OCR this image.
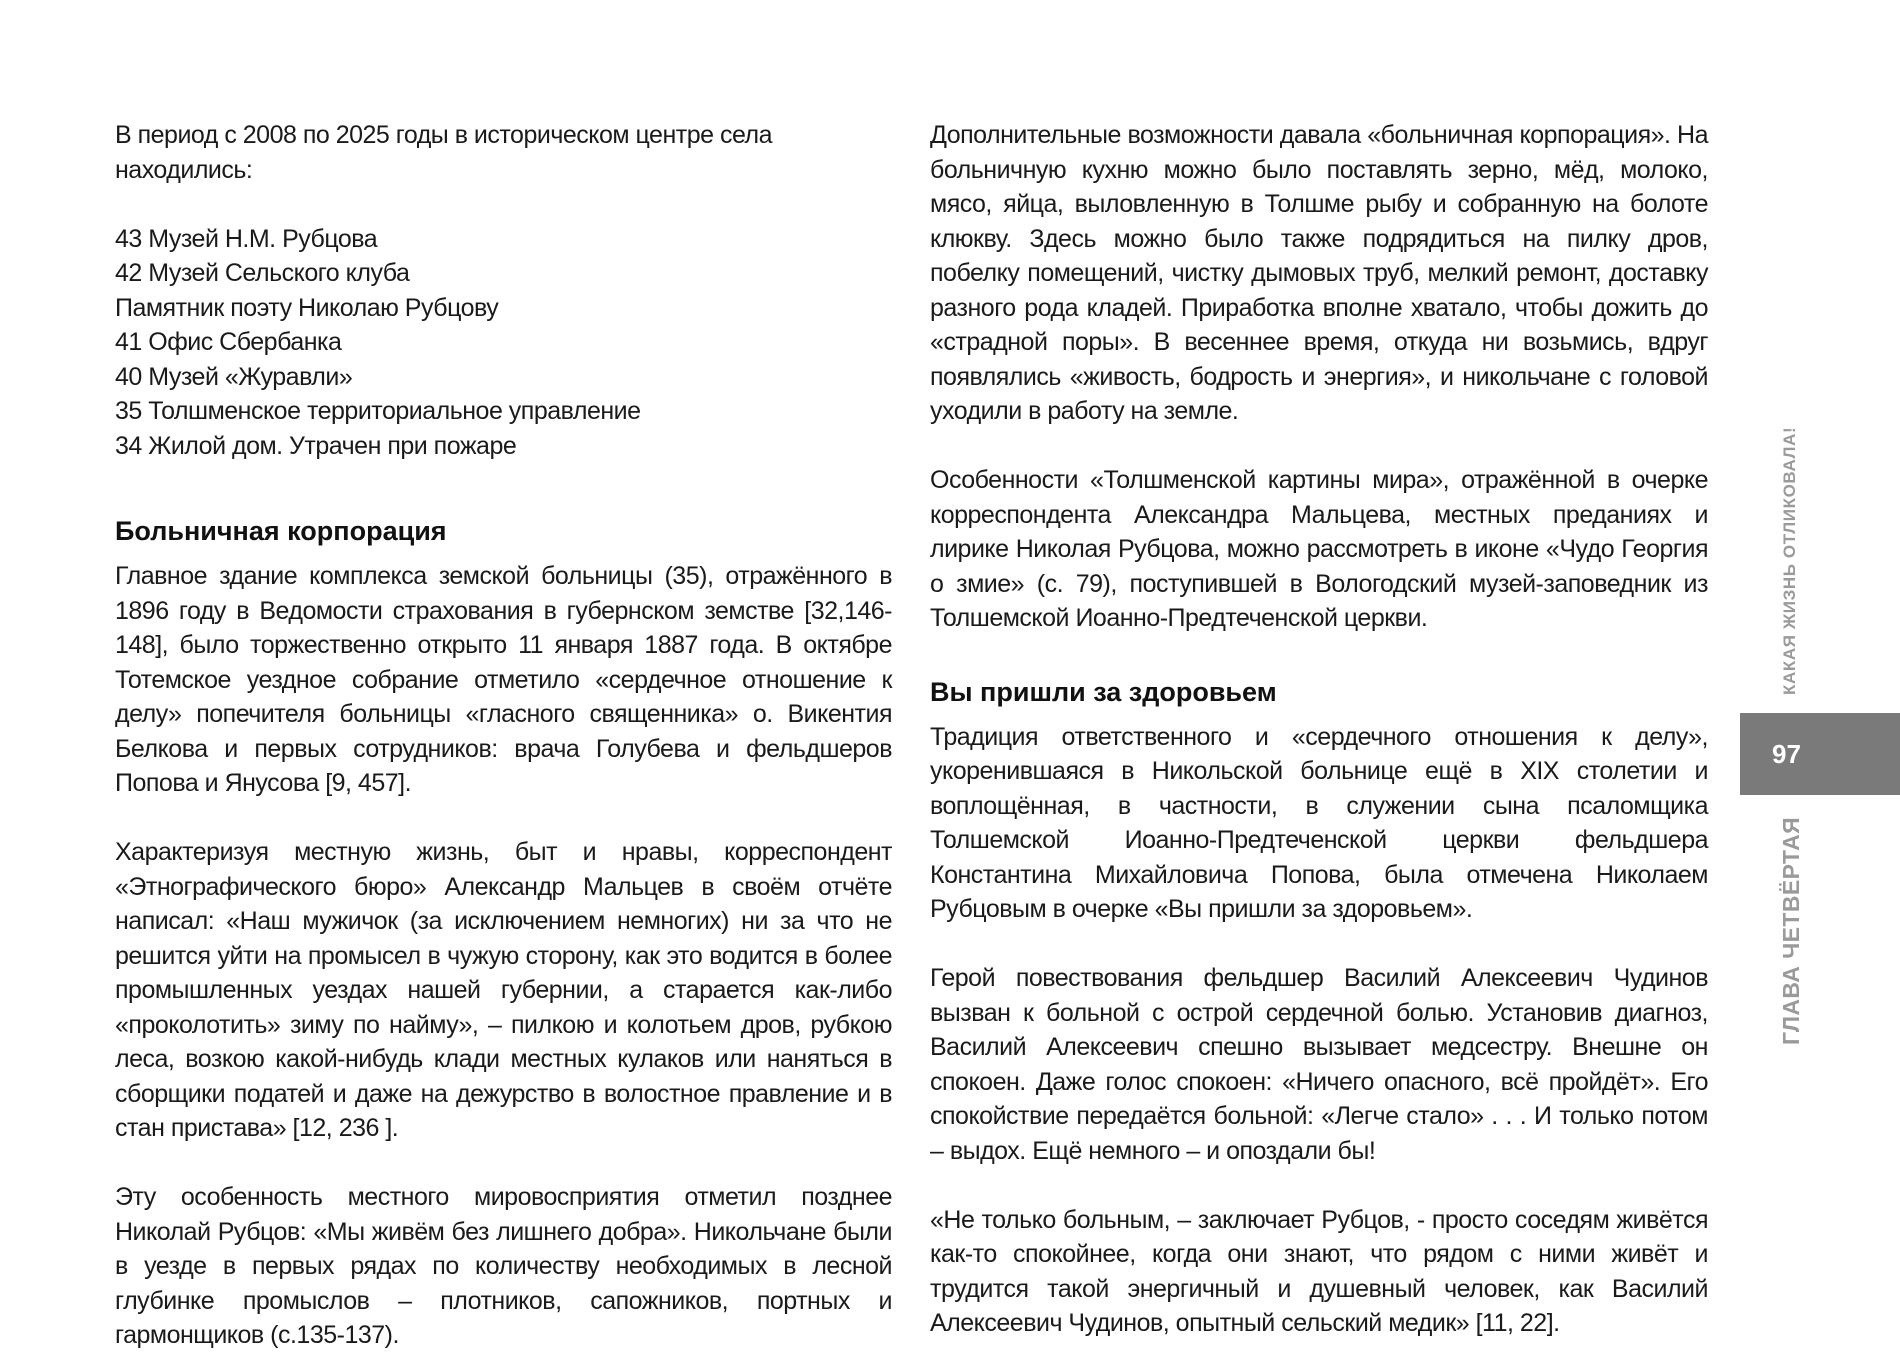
В период с 2008 по 2025 годы в историческом центре села находились:

43 Музей Н.М. Рубцова
42 Музей Сельского клуба
Памятник поэту Николаю Рубцову
41 Офис Сбербанка
40 Музей «Журавли»
35 Толшменское территориальное управление
34 Жилой дом. Утрачен при пожаре
Больничная корпорация

Главное здание комплекса земской больницы (35), отражённого в 1896 году в Ведомости страхования в губернском земстве [32,146-148], было торжественно открыто 11 января 1887 года. В октябре Тотемское уездное собрание отметило «сердечное отношение к делу» попечителя больницы «гласного священника» о. Викентия Белкова и первых сотрудников: врача Голубева и фельдшеров Попова и Янусова [9, 457].

Характеризуя местную жизнь, быт и нравы, корреспондент «Этнографического бюро» Александр Мальцев в своём отчёте написал: «Наш мужичок (за исключением немногих) ни за что не решится уйти на промысел в чужую сторону, как это водится в более промышленных уездах нашей губернии, а старается как-либо «проколотить» зиму по найму», – пилкою и колотьем дров, рубкою леса, возкою какой-нибудь клади местных кулаков или наняться в сборщики податей и даже на дежурство в волостное правление и в стан пристава» [12, 236 ].

Эту особенность местного мировосприятия отметил позднее Николай Рубцов: «Мы живём без лишнего добра». Никольчане были в уезде в первых рядах по количеству необходимых в лесной глубинке промыслов – плотников, сапожников, портных и гармонщиков (с.135-137).

Дополнительные возможности давала «больничная корпорация». На больничную кухню можно было поставлять зерно, мёд, молоко, мясо, яйца, выловленную в Толшме рыбу и собранную на болоте клюкву. Здесь можно было также подрядиться на пилку дров, побелку помещений, чистку дымовых труб, мелкий ремонт, доставку разного рода кладей. Приработка вполне хватало, чтобы дожить до «страдной поры». В весеннее время, откуда ни возьмись, вдруг появлялись «живость, бодрость и энергия», и никольчане с головой уходили в работу на земле.

Особенности «Толшменской картины мира», отражённой в очерке корреспондента Александра Мальцева, местных преданиях и лирике Николая Рубцова, можно рассмотреть в иконе «Чудо Георгия о змие» (с. 79), поступившей в Вологодский музей-заповедник из Толшемской Иоанно-Предтеченской церкви.

Вы пришли за здоровьем

Традиция ответственного и «сердечного отношения к делу», укоренившаяся в Никольской больнице ещё в XIX столетии и воплощённая, в частности, в служении сына псаломщика Толшемской Иоанно-Предтеченской церкви фельдшера Константина Михайловича Попова, была отмечена Николаем Рубцовым в очерке «Вы пришли за здоровьем».

Герой повествования фельдшер Василий Алексеевич Чудинов вызван к больной с острой сердечной болью. Установив диагноз, Василий Алексеевич спешно вызывает медсестру. Внешне он спокоен. Даже голос спокоен: «Ничего опасного, всё пройдёт». Его спокойствие передаётся больной: «Легче стало» . . . И только потом – выдох. Ещё немного – и опоздали бы!

«Не только больным, – заключает Рубцов, - просто соседям живётся как-то спокойнее, когда они знают, что рядом с ними живёт и трудится такой энергичный и душевный человек, как Василий Алексеевич Чудинов, опытный сельский медик» [11, 22].

КАКАЯ ЖИЗНЬ ОТЛИКОВАЛА!
97
ГЛАВА ЧЕТВЁРТАЯ
